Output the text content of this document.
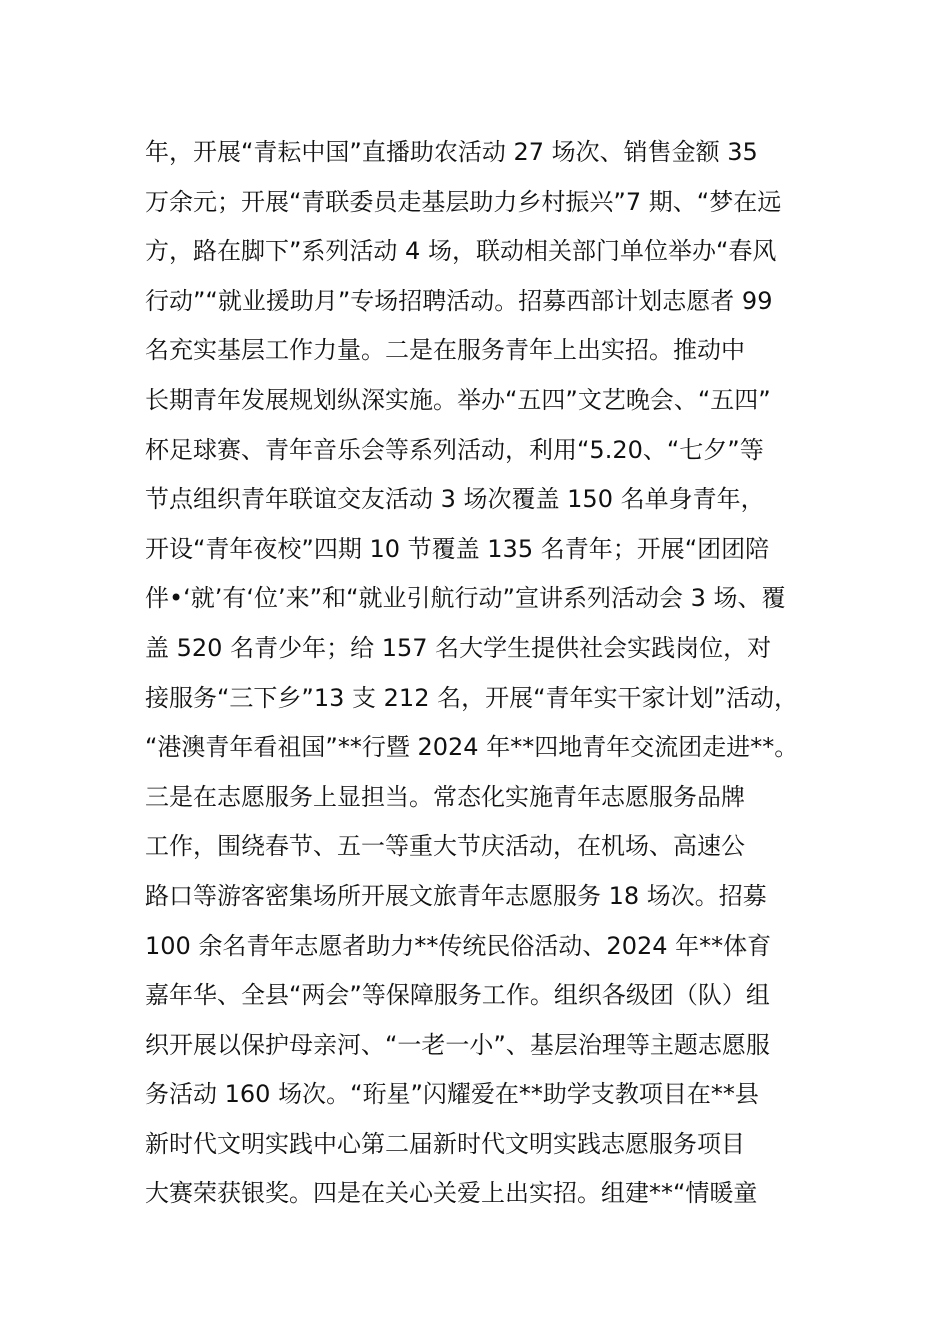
年，开展“青耘中国”直播助农活动 27 场次、销售金额 35
万余元；开展“青联委员走基层助力乡村振兴”7 期、“梦在远
方，路在脚下”系列活动 4 场，联动相关部门单位举办“春风
行动”“就业援助月”专场招聘活动。招募西部计划志愿者 99
名充实基层工作力量。二是在服务青年上出实招。推动中
长期青年发展规划纵深实施。举办“五四”文艺晚会、“五四”
杯足球赛、青年音乐会等系列活动，利用“5.20、“七夕”等
节点组织青年联谊交友活动 3 场次覆盖 150 名单身青年，
开设“青年夜校”四期 10 节覆盖 135 名青年；开展“团团陪
伴•‘就’有‘位’来”和“就业引航行动”宣讲系列活动会 3 场、覆
盖 520 名青少年；给 157 名大学生提供社会实践岗位，对
接服务“三下乡”13 支 212 名，开展“青年实干家计划”活动，
“港澳青年看祖国”**行暨 2024 年**四地青年交流团走进**。
三是在志愿服务上显担当。常态化实施青年志愿服务品牌
工作，围绕春节、五一等重大节庆活动，在机场、高速公
路口等游客密集场所开展文旅青年志愿服务 18 场次。招募
100 余名青年志愿者助力**传统民俗活动、2024 年**体育
嘉年华、全县“两会”等保障服务工作。组织各级团（队）组
织开展以保护母亲河、“一老一小”、基层治理等主题志愿服
务活动 160 场次。“珩星”闪耀爱在**助学支教项目在**县
新时代文明实践中心第二届新时代文明实践志愿服务项目
大赛荣获银奖。四是在关心关爱上出实招。组建**“情暖童
